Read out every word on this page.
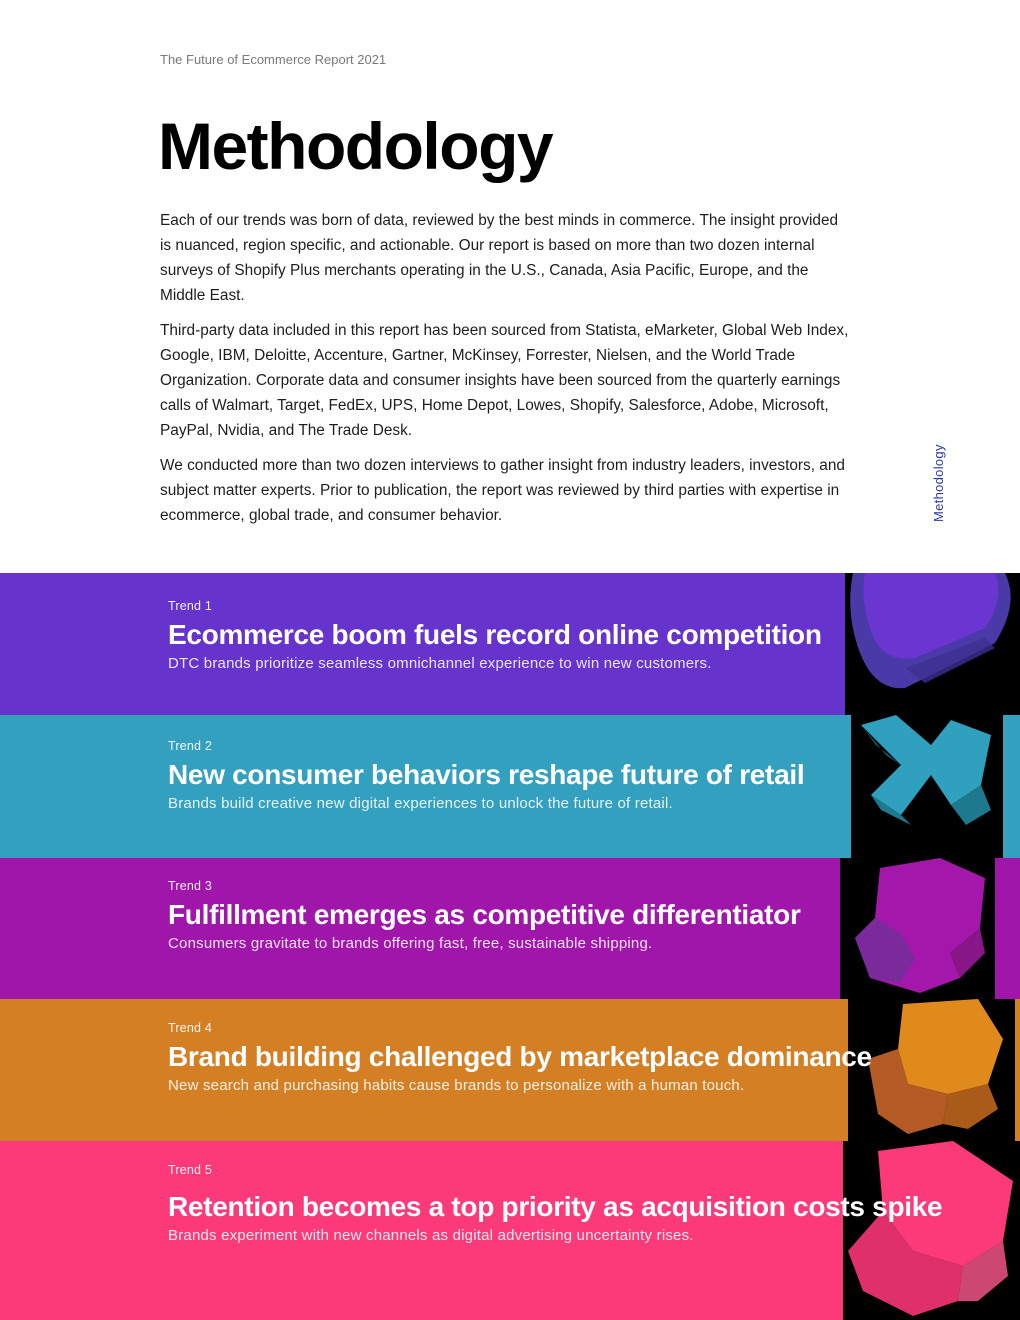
The Future of Ecommerce Report 2021
Methodology

Each of our trends was born of data, reviewed by the best minds in commerce. The insight provided is nuanced, region specific, and actionable. Our report is based on more than two dozen internal surveys of Shopify Plus merchants operating in the U.S., Canada, Asia Pacific, Europe, and the Middle East.

Third-party data included in this report has been sourced from Statista, eMarketer, Global Web Index, Google, IBM, Deloitte, Accenture, Gartner, McKinsey, Forrester, Nielsen, and the World Trade Organization. Corporate data and consumer insights have been sourced from the quarterly earnings calls of Walmart, Target, FedEx, UPS, Home Depot, Lowes, Shopify, Salesforce, Adobe, Microsoft, PayPal, Nvidia, and The Trade Desk.

We conducted more than two dozen interviews to gather insight from industry leaders, investors, and subject matter experts. Prior to publication, the report was reviewed by third parties with expertise in ecommerce, global trade, and consumer behavior.	Methodology
Trend 1
Ecommerce boom fuels record online competition
DTC brands prioritize seamless omnichannel experience to win new customers.
Trend 2
New consumer behaviors reshape future of retail
Brands build creative new digital experiences to unlock the future of retail.
Trend 3
Fulfillment emerges as competitive differentiator
Consumers gravitate to brands offering fast, free, sustainable shipping.
Trend 4
Brand building challenged by marketplace dominance
New search and purchasing habits cause brands to personalize with a human touch.
Trend 5
Retention becomes a top priority as acquisition costs spike
Brands experiment with new channels as digital advertising uncertainty rises.
